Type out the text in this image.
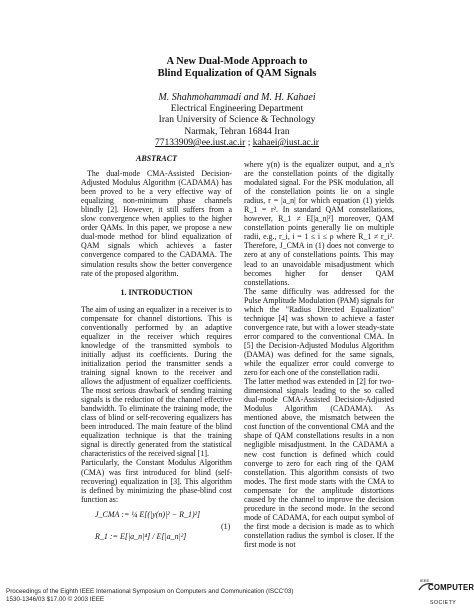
A New Dual-Mode Approach to
Blind Equalization of QAM Signals
M. Shahmohammadi and M. H. Kahaei
Electrical Engineering Department
Iran University of Science & Technology
Narmak, Tehran 16844 Iran
77133909@ee.iust.ac.ir ; kahaei@iust.ac.ir
ABSTRACT

The dual-mode CMA-Assisted Decision-Adjusted Modulus Algorithm (CADAMA) has been proved to be a very effective way of equalizing non-minimum phase channels blindly [2]. However, it still suffers from a slow convergence when applies to the higher order QAMs. In this paper, we propose a new dual-mode method for blind equalization of QAM signals which achieves a faster convergence compared to the CADAMA. The simulation results show the better convergence rate of the proposed algorithm.

1. INTRODUCTION

The aim of using an equalizer in a receiver is to compensate for channel distortions. This is conventionally performed by an adaptive equalizer in the receiver which requires knowledge of the transmitted symbols to initially adjust its coefficients. During the initialization period the transmitter sends a training signal known to the receiver and allows the adjustment of equalizer coefficients. The most serious drawback of sending training signals is the reduction of the channel effective bandwidth. To eliminate the training mode, the class of blind or self-recovering equalizers has been introduced. The main feature of the blind equalization technique is that the training signal is directly generated from the statistical characteristics of the received signal [1].

Particularly, the Constant Modulus Algorithm (CMA) was first introduced for blind (self-recovering) equalization in [3]. This algorithm is defined by minimizing the phase-blind cost function as:

J_CMA := ¼ E[(|y(n)|² − R_1)²]
R_1 := E[|a_n|⁴] / E[|a_n|²]
(1)

where y(n) is the equalizer output, and a_n's are the constellation points of the digitally modulated signal. For the PSK modulation, all of the constellation points lie on a single radius, r = |a_n| for which equation (1) yields R_1 = r². In standard QAM constellations, however, R_1 ≠ E[|a_n|²] moreover, QAM constellation points generally lie on multiple radii, e.g., r_i, i = 1 ≤ i ≤ ρ where R_1 ≠ r_i². Therefore, J_CMA in (1) does not converge to zero at any of constellations points. This may lead to an unavoidable misadjustment which becomes higher for denser QAM constellations.

The same difficulty was addressed for the Pulse Amplitude Modulation (PAM) signals for which the "Radius Directed Equalization" technique [4] was shown to achieve a faster convergence rate, but with a lower steady-state error compared to the conventional CMA. In [5] the Decision-Adjusted Modulus Algorithm (DAMA) was defined for the same signals, while the equalizer error could converge to zero for each one of the constellation radii.

The latter method was extended in [2] for two-dimensional signals leading to the so called dual-mode CMA-Assisted Decision-Adjusted Modulus Algorithm (CADAMA). As mentioned above, the mismatch between the cost function of the conventional CMA and the shape of QAM constellations results in a non negligible misadjustment. In the CADAMA a new cost function is defined which could converge to zero for each ring of the QAM constellation. This algorithm consists of two modes. The first mode starts with the CMA to compensate for the amplitude distortions caused by the channel to improve the decision procedure in the second mode. In the second mode of CADAMA, for each output symbol of the first mode a decision is made as to which constellation radius the symbol is closer. If the first mode is not

Proceedings of the Eighth IEEE International Symposium on Computers and Communication (ISCC'03)
1530-1346/03 $17.00 © 2003 IEEE
IEEE
COMPUTER
SOCIETY
